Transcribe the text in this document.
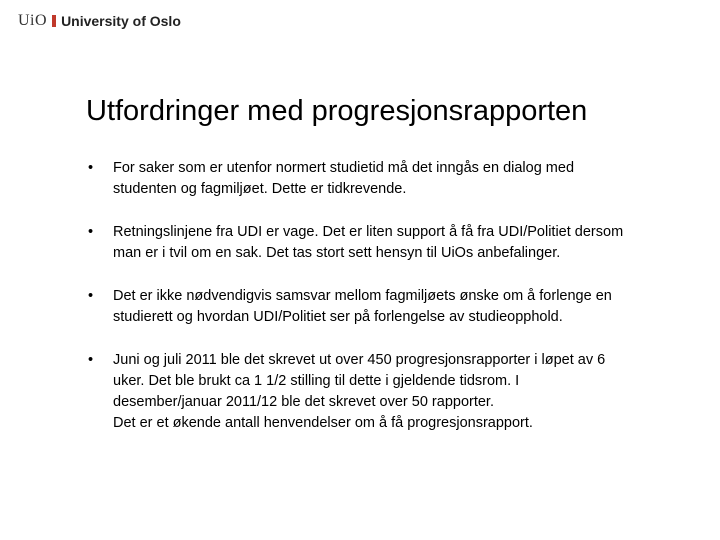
UiO University of Oslo
Utfordringer med progresjonsrapporten
• For saker som er utenfor normert studietid må det inngås en dialog med
studenten og fagmiljøet. Dette er tidkrevende.
• Retningslinjene fra UDI er vage. Det er liten support å få fra UDI/Politiet dersom
man er i tvil om en sak. Det tas stort sett hensyn til UiOs anbefalinger.
• Det er ikke nødvendigvis samsvar mellom fagmiljøets ønske om å forlenge en
studierett og hvordan UDI/Politiet ser på forlengelse av studieopphold.
• Juni og juli 2011 ble det skrevet ut over 450 progresjonsrapporter i løpet av 6
uker. Det ble brukt ca 1 1/2 stilling til dette i gjeldende tidsrom. I
desember/januar 2011/12 ble det skrevet over 50 rapporter.
Det er et økende antall henvendelser om å få progresjonsrapport.
